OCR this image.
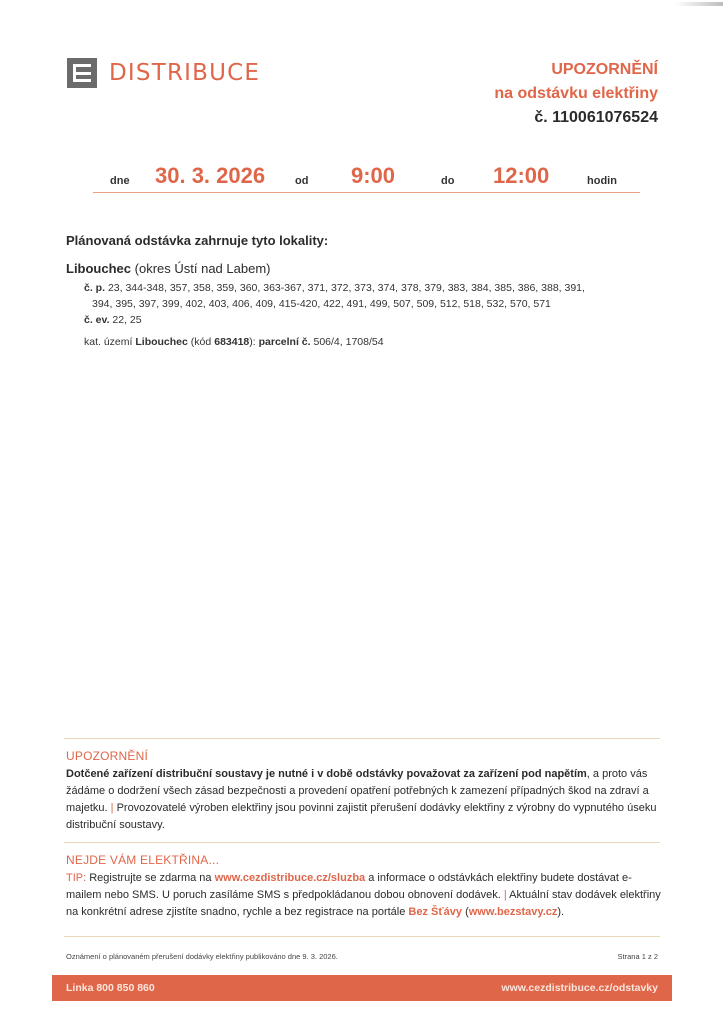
DISTRIBUCE	UPOZORNĚNÍ
na odstávku elektřiny
č. 110061076524
dne 30. 3. 2026	od 9:00	do 12:00	hodin
Plánovaná odstávka zahrnuje tyto lokality:
Libouchec (okres Ústí nad Labem)
č. p. 23, 344-348, 357, 358, 359, 360, 363-367, 371, 372, 373, 374, 378, 379, 383, 384, 385, 386, 388, 391,
394, 395, 397, 399, 402, 403, 406, 409, 415-420, 422, 491, 499, 507, 509, 512, 518, 532, 570, 571
č. ev. 22, 25
kat. území Libouchec (kód 683418): parcelní č. 506/4, 1708/54
UPOZORNĚNÍ
Dotčené zařízení distribuční soustavy je nutné i v době odstávky považovat za zařízení pod napětím, a proto vás žádáme o dodržení všech zásad bezpečnosti a provedení opatření potřebných k zamezení případných škod na zdraví a majetku. | Provozovatelé výroben elektřiny jsou povinni zajistit přerušení dodávky elektřiny z výrobny do vypnutého úseku distribuční soustavy.
NEJDE VÁM ELEKTŘINA...
TIP: Registrujte se zdarma na www.cezdistribuce.cz/sluzba a informace o odstávkách elektřiny budete dostávat e-mailem nebo SMS. U poruch zasíláme SMS s předpokládanou dobou obnovení dodávek. | Aktuální stav dodávek elektřiny na konkrétní adrese zjistíte snadno, rychle a bez registrace na portále Bez Šťávy (www.bezstavy.cz).
Oznámení o plánovaném přerušení dodávky elektřiny publikováno dne 9. 3. 2026.	Strana 1 z 2
Linka 800 850 860	www.cezdistribuce.cz/odstavky
